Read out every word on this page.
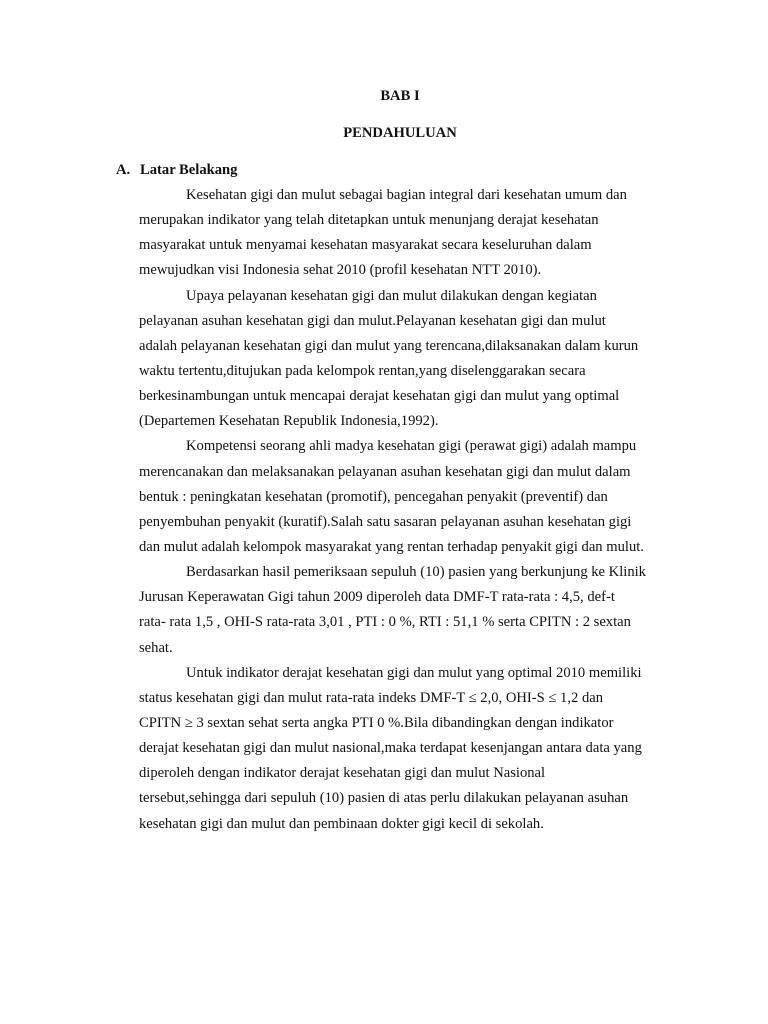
BAB I
PENDAHULUAN
A. Latar Belakang
Kesehatan gigi dan mulut sebagai bagian integral dari kesehatan umum dan
merupakan indikator yang telah ditetapkan untuk menunjang derajat kesehatan
masyarakat untuk menyamai kesehatan masyarakat secara keseluruhan dalam
mewujudkan visi Indonesia sehat 2010 (profil kesehatan NTT 2010).
Upaya pelayanan kesehatan gigi dan mulut dilakukan dengan kegiatan
pelayanan asuhan kesehatan gigi dan mulut.Pelayanan kesehatan gigi dan mulut
adalah pelayanan kesehatan gigi dan mulut yang terencana,dilaksanakan dalam kurun
waktu tertentu,ditujukan pada kelompok rentan,yang diselenggarakan secara
berkesinambungan untuk mencapai derajat kesehatan gigi dan mulut yang optimal
(Departemen Kesehatan Republik Indonesia,1992).
Kompetensi seorang ahli madya kesehatan gigi (perawat gigi) adalah mampu
merencanakan dan melaksanakan pelayanan asuhan kesehatan gigi dan mulut dalam
bentuk : peningkatan kesehatan (promotif), pencegahan penyakit (preventif) dan
penyembuhan penyakit (kuratif).Salah satu sasaran pelayanan asuhan kesehatan gigi
dan mulut adalah kelompok masyarakat yang rentan terhadap penyakit gigi dan mulut.
Berdasarkan hasil pemeriksaan sepuluh (10) pasien yang berkunjung ke Klinik
Jurusan Keperawatan Gigi tahun 2009 diperoleh data DMF-T rata-rata : 4,5, def-t
rata- rata 1,5 , OHI-S rata-rata 3,01 , PTI : 0 %, RTI : 51,1 % serta CPITN : 2 sextan
sehat.
Untuk indikator derajat kesehatan gigi dan mulut yang optimal 2010 memiliki
status kesehatan gigi dan mulut rata-rata indeks DMF-T ≤ 2,0, OHI-S ≤ 1,2 dan
CPITN ≥ 3 sextan sehat serta angka PTI 0 %.Bila dibandingkan dengan indikator
derajat kesehatan gigi dan mulut nasional,maka terdapat kesenjangan antara data yang
diperoleh dengan indikator derajat kesehatan gigi dan mulut Nasional
tersebut,sehingga dari sepuluh (10) pasien di atas perlu dilakukan pelayanan asuhan
kesehatan gigi dan mulut dan pembinaan dokter gigi kecil di sekolah.
